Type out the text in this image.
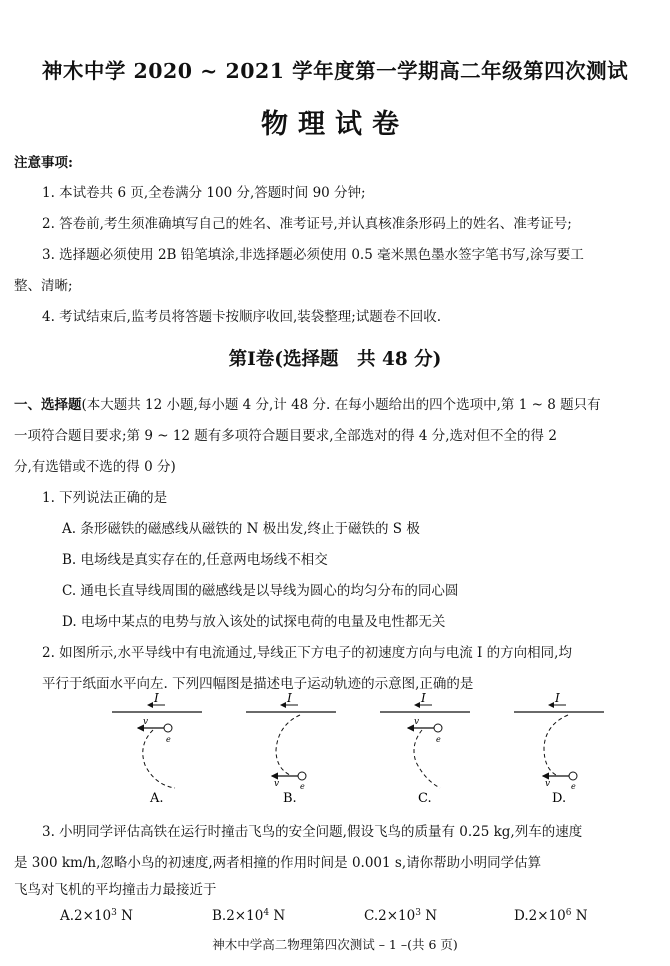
神木中学 2020 ~ 2021 学年度第一学期高二年级第四次测试
物理试卷
注意事项:
1. 本试卷共 6 页,全卷满分 100 分,答题时间 90 分钟;
2. 答卷前,考生须准确填写自己的姓名、准考证号,并认真核准条形码上的姓名、准考证号;
3. 选择题必须使用 2B 铅笔填涂,非选择题必须使用 0.5 毫米黑色墨水签字笔书写,涂写要工
整、清晰;
4. 考试结束后,监考员将答题卡按顺序收回,装袋整理;试题卷不回收.
第Ⅰ卷(选择题　共 48 分)
一、选择题(本大题共 12 小题,每小题 4 分,计 48 分. 在每小题给出的四个选项中,第 1 ~ 8 题只有
一项符合题目要求;第 9 ~ 12 题有多项符合题目要求,全部选对的得 4 分,选对但不全的得 2
分,有选错或不选的得 0 分)
1. 下列说法正确的是
A. 条形磁铁的磁感线从磁铁的 N 极出发,终止于磁铁的 S 极
B. 电场线是真实存在的,任意两电场线不相交
C. 通电长直导线周围的磁感线是以导线为圆心的均匀分布的同心圆
D. 电场中某点的电势与放入该处的试探电荷的电量及电性都无关
2. 如图所示,水平导线中有电流通过,导线正下方电子的初速度方向与电流 I 的方向相同,均
平行于纸面水平向左. 下列四幅图是描述电子运动轨迹的示意图,正确的是
I
v
e
A.
I
v	e
B.
I
v
e
C.
I
v	e
D.
3. 小明同学评估高铁在运行时撞击飞鸟的安全问题,假设飞鸟的质量有 0.25 kg,列车的速度
是 300 km/h,忽略小鸟的初速度,两者相撞的作用时间是 0.001 s,请你帮助小明同学估算
飞鸟对飞机的平均撞击力最接近于
$A.2\times 10^3$ N	$B.2\times 10^4$ N	$C.2\times 10^3$ N	$D.2\times 10^6$ N
神木中学高二物理第四次测试 – 1 –(共 6 页)
